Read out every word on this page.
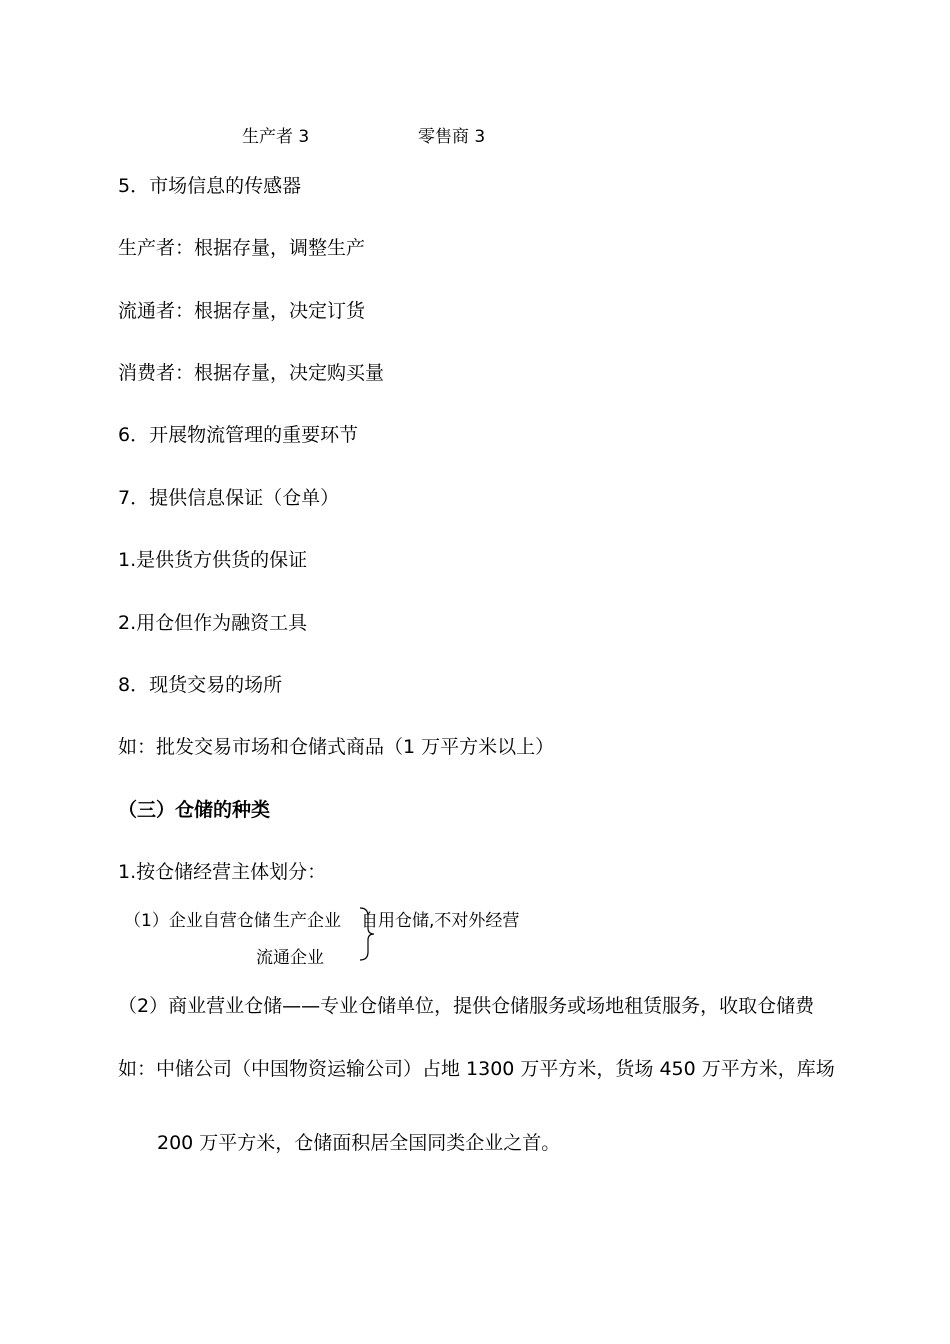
生产者 3	零售商 3
5．市场信息的传感器
生产者：根据存量，调整生产
流通者：根据存量，决定订货
消费者：根据存量，决定购买量
6．开展物流管理的重要环节
7．提供信息保证（仓单）
1.是供货方供货的保证
2.用仓但作为融资工具
8．现货交易的场所
如：批发交易市场和仓储式商品（1 万平方米以上）
（三）仓储的种类
1.按仓储经营主体划分：
（1）企业自营仓储 生产企业 自用仓储,不对外经营
流通企业
（2）商业营业仓储——专业仓储单位，提供仓储服务或场地租赁服务，收取仓储费
如：中储公司（中国物资运输公司）占地 1300 万平方米，货场 450 万平方米，库场
200 万平方米，仓储面积居全国同类企业之首。
